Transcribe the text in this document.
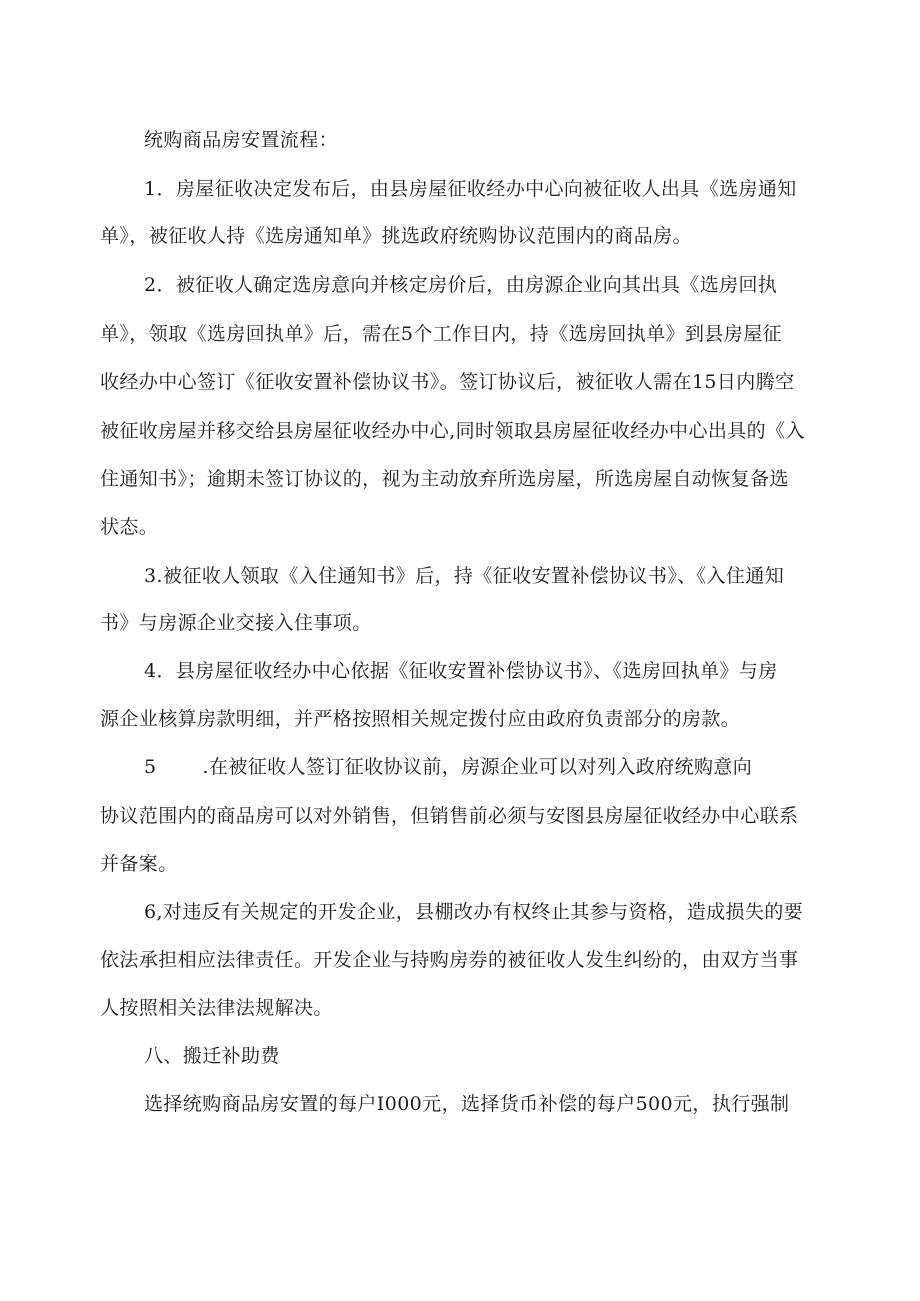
统购商品房安置流程：
1．房屋征收决定发布后，由县房屋征收经办中心向被征收人出具《选房通知
单》，被征收人持《选房通知单》挑选政府统购协议范围内的商品房。
2．被征收人确定选房意向并核定房价后，由房源企业向其出具《选房回执
单》，领取《选房回执单》后，需在5个工作日内，持《选房回执单》到县房屋征
收经办中心签订《征收安置补偿协议书》。签订协议后，被征收人需在15日内腾空
被征收房屋并移交给县房屋征收经办中心,同时领取县房屋征收经办中心出具的《入
住通知书》；逾期未签订协议的，视为主动放弃所选房屋，所选房屋自动恢复备选
状态。
3.被征收人领取《入住通知书》后，持《征收安置补偿协议书》、《入住通知
书》与房源企业交接入住事项。
4．县房屋征收经办中心依据《征收安置补偿协议书》、《选房回执单》与房
源企业核算房款明细，并严格按照相关规定拨付应由政府负责部分的房款。
5 .在被征收人签订征收协议前，房源企业可以对列入政府统购意向
协议范围内的商品房可以对外销售，但销售前必须与安图县房屋征收经办中心联系
并备案。
6,对违反有关规定的开发企业，县棚改办有权终止其参与资格，造成损失的要
依法承担相应法律责任。开发企业与持购房券的被征收人发生纠纷的，由双方当事
人按照相关法律法规解决。
八、搬迁补助费
选择统购商品房安置的每户I000元，选择货币补偿的每户500元，执行强制
